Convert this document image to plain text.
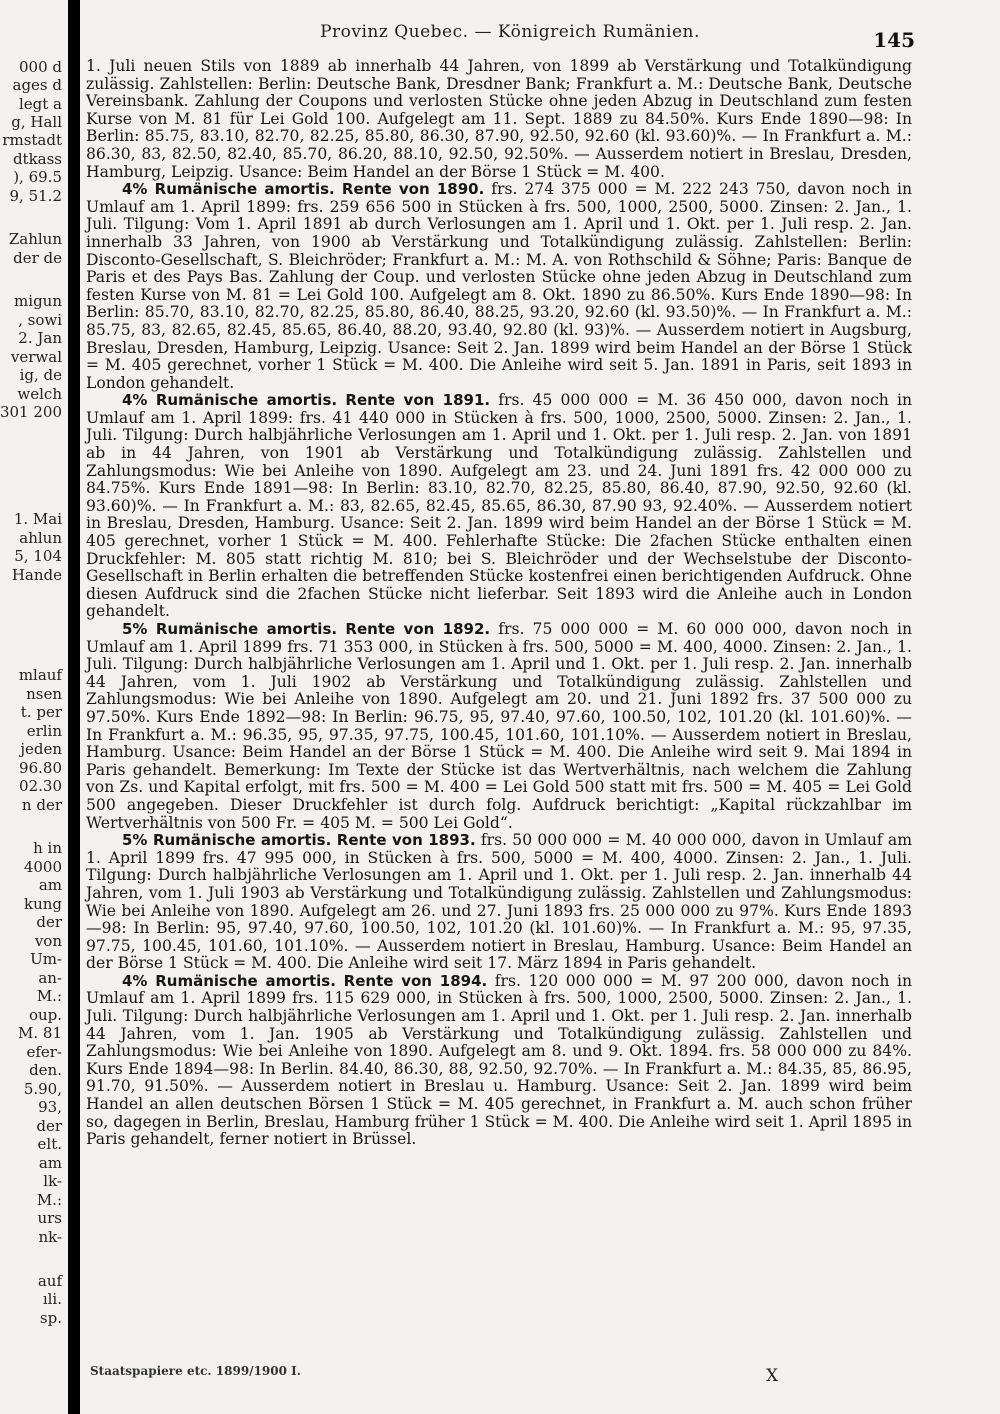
000 d
ages d
legt a
g, Hall
rmstadt
dtkass
), 69.5
9, 51.2
Zahlun
der de
migun
, sowi
2. Jan
verwal
ig, de
welch
301 200
1. Mai
ahlun
5, 104
Hande
mlauf
nsen
t. per
erlin
jeden
96.80
02.30
n der
h in
4000
am
kung
der
von
Um-
an-
M.:
oup.
M. 81
efer-
den.
5.90,
93,
der
elt.
am
lk-
M.:
urs
nk-
auf
ıli.
sp.
Provinz Quebec. — Königreich Rumänien.	145

1. Juli neuen Stils von 1889 ab innerhalb 44 Jahren, von 1899 ab Verstärkung und Totalkündigung zulässig. Zahlstellen: Berlin: Deutsche Bank, Dresdner Bank; Frankfurt a. M.: Deutsche Bank, Deutsche Vereinsbank. Zahlung der Coupons und verlosten Stücke ohne jeden Abzug in Deutschland zum festen Kurse von M. 81 für Lei Gold 100. Aufgelegt am 11. Sept. 1889 zu 84.50%. Kurs Ende 1890—98: In Berlin: 85.75, 83.10, 82.70, 82.25, 85.80, 86.30, 87.90, 92.50, 92.60 (kl. 93.60)%. — In Frankfurt a. M.: 86.30, 83, 82.50, 82.40, 85.70, 86.20, 88.10, 92.50, 92.50%. — Ausserdem notiert in Breslau, Dresden, Hamburg, Leipzig. Usance: Beim Handel an der Börse 1 Stück = M. 400.

4% Rumänische amortis. Rente von 1890. frs. 274 375 000 = M. 222 243 750, davon noch in Umlauf am 1. April 1899: frs. 259 656 500 in Stücken à frs. 500, 1000, 2500, 5000. Zinsen: 2. Jan., 1. Juli. Tilgung: Vom 1. April 1891 ab durch Verlosungen am 1. April und 1. Okt. per 1. Juli resp. 2. Jan. innerhalb 33 Jahren, von 1900 ab Verstärkung und Totalkündigung zulässig. Zahlstellen: Berlin: Disconto-Gesellschaft, S. Bleichröder; Frankfurt a. M.: M. A. von Rothschild & Söhne; Paris: Banque de Paris et des Pays Bas. Zahlung der Coup. und verlosten Stücke ohne jeden Abzug in Deutschland zum festen Kurse von M. 81 = Lei Gold 100. Aufgelegt am 8. Okt. 1890 zu 86.50%. Kurs Ende 1890—98: In Berlin: 85.70, 83.10, 82.70, 82.25, 85.80, 86.40, 88.25, 93.20, 92.60 (kl. 93.50)%. — In Frankfurt a. M.: 85.75, 83, 82.65, 82.45, 85.65, 86.40, 88.20, 93.40, 92.80 (kl. 93)%. — Ausserdem notiert in Augsburg, Breslau, Dresden, Hamburg, Leipzig. Usance: Seit 2. Jan. 1899 wird beim Handel an der Börse 1 Stück = M. 405 gerechnet, vorher 1 Stück = M. 400. Die Anleihe wird seit 5. Jan. 1891 in Paris, seit 1893 in London gehandelt.

4% Rumänische amortis. Rente von 1891. frs. 45 000 000 = M. 36 450 000, davon noch in Umlauf am 1. April 1899: frs. 41 440 000 in Stücken à frs. 500, 1000, 2500, 5000. Zinsen: 2. Jan., 1. Juli. Tilgung: Durch halbjährliche Verlosungen am 1. April und 1. Okt. per 1. Juli resp. 2. Jan. von 1891 ab in 44 Jahren, von 1901 ab Verstärkung und Totalkündigung zulässig. Zahlstellen und Zahlungsmodus: Wie bei Anleihe von 1890. Aufgelegt am 23. und 24. Juni 1891 frs. 42 000 000 zu 84.75%. Kurs Ende 1891—98: In Berlin: 83.10, 82.70, 82.25, 85.80, 86.40, 87.90, 92.50, 92.60 (kl. 93.60)%. — In Frankfurt a. M.: 83, 82.65, 82.45, 85.65, 86.30, 87.90 93, 92.40%. — Ausserdem notiert in Breslau, Dresden, Hamburg. Usance: Seit 2. Jan. 1899 wird beim Handel an der Börse 1 Stück = M. 405 gerechnet, vorher 1 Stück = M. 400. Fehlerhafte Stücke: Die 2fachen Stücke enthalten einen Druckfehler: M. 805 statt richtig M. 810; bei S. Bleichröder und der Wechselstube der Disconto-Gesellschaft in Berlin erhalten die betreffenden Stücke kostenfrei einen berichtigenden Aufdruck. Ohne diesen Aufdruck sind die 2fachen Stücke nicht lieferbar. Seit 1893 wird die Anleihe auch in London gehandelt.

5% Rumänische amortis. Rente von 1892. frs. 75 000 000 = M. 60 000 000, davon noch in Umlauf am 1. April 1899 frs. 71 353 000, in Stücken à frs. 500, 5000 = M. 400, 4000. Zinsen: 2. Jan., 1. Juli. Tilgung: Durch halbjährliche Verlosungen am 1. April und 1. Okt. per 1. Juli resp. 2. Jan. innerhalb 44 Jahren, vom 1. Juli 1902 ab Verstärkung und Totalkündigung zulässig. Zahlstellen und Zahlungsmodus: Wie bei Anleihe von 1890. Aufgelegt am 20. und 21. Juni 1892 frs. 37 500 000 zu 97.50%. Kurs Ende 1892—98: In Berlin: 96.75, 95, 97.40, 97.60, 100.50, 102, 101.20 (kl. 101.60)%. — In Frankfurt a. M.: 96.35, 95, 97.35, 97.75, 100.45, 101.60, 101.10%. — Ausserdem notiert in Breslau, Hamburg. Usance: Beim Handel an der Börse 1 Stück = M. 400. Die Anleihe wird seit 9. Mai 1894 in Paris gehandelt. Bemerkung: Im Texte der Stücke ist das Wertverhältnis, nach welchem die Zahlung von Zs. und Kapital erfolgt, mit frs. 500 = M. 400 = Lei Gold 500 statt mit frs. 500 = M. 405 = Lei Gold 500 angegeben. Dieser Druckfehler ist durch folg. Aufdruck berichtigt: „Kapital rückzahlbar im Wertverhältnis von 500 Fr. = 405 M. = 500 Lei Gold“.

5% Rumänische amortis. Rente von 1893. frs. 50 000 000 = M. 40 000 000, davon in Umlauf am 1. April 1899 frs. 47 995 000, in Stücken à frs. 500, 5000 = M. 400, 4000. Zinsen: 2. Jan., 1. Juli. Tilgung: Durch halbjährliche Verlosungen am 1. April und 1. Okt. per 1. Juli resp. 2. Jan. innerhalb 44 Jahren, vom 1. Juli 1903 ab Verstärkung und Totalkündigung zulässig. Zahlstellen und Zahlungsmodus: Wie bei Anleihe von 1890. Aufgelegt am 26. und 27. Juni 1893 frs. 25 000 000 zu 97%. Kurs Ende 1893—98: In Berlin: 95, 97.40, 97.60, 100.50, 102, 101.20 (kl. 101.60)%. — In Frankfurt a. M.: 95, 97.35, 97.75, 100.45, 101.60, 101.10%. — Ausserdem notiert in Breslau, Hamburg. Usance: Beim Handel an der Börse 1 Stück = M. 400. Die Anleihe wird seit 17. März 1894 in Paris gehandelt.

4% Rumänische amortis. Rente von 1894. frs. 120 000 000 = M. 97 200 000, davon noch in Umlauf am 1. April 1899 frs. 115 629 000, in Stücken à frs. 500, 1000, 2500, 5000. Zinsen: 2. Jan., 1. Juli. Tilgung: Durch halbjährliche Verlosungen am 1. April und 1. Okt. per 1. Juli resp. 2. Jan. innerhalb 44 Jahren, vom 1. Jan. 1905 ab Verstärkung und Totalkündigung zulässig. Zahlstellen und Zahlungsmodus: Wie bei Anleihe von 1890. Aufgelegt am 8. und 9. Okt. 1894. frs. 58 000 000 zu 84%. Kurs Ende 1894—98: In Berlin. 84.40, 86.30, 88, 92.50, 92.70%. — In Frankfurt a. M.: 84.35, 85, 86.95, 91.70, 91.50%. — Ausserdem notiert in Breslau u. Hamburg. Usance: Seit 2. Jan. 1899 wird beim Handel an allen deutschen Börsen 1 Stück = M. 405 gerechnet, in Frankfurt a. M. auch schon früher so, dagegen in Berlin, Breslau, Hamburg früher 1 Stück = M. 400. Die Anleihe wird seit 1. April 1895 in Paris gehandelt, ferner notiert in Brüssel.

Staatspapiere etc. 1899/1900 I.	X
